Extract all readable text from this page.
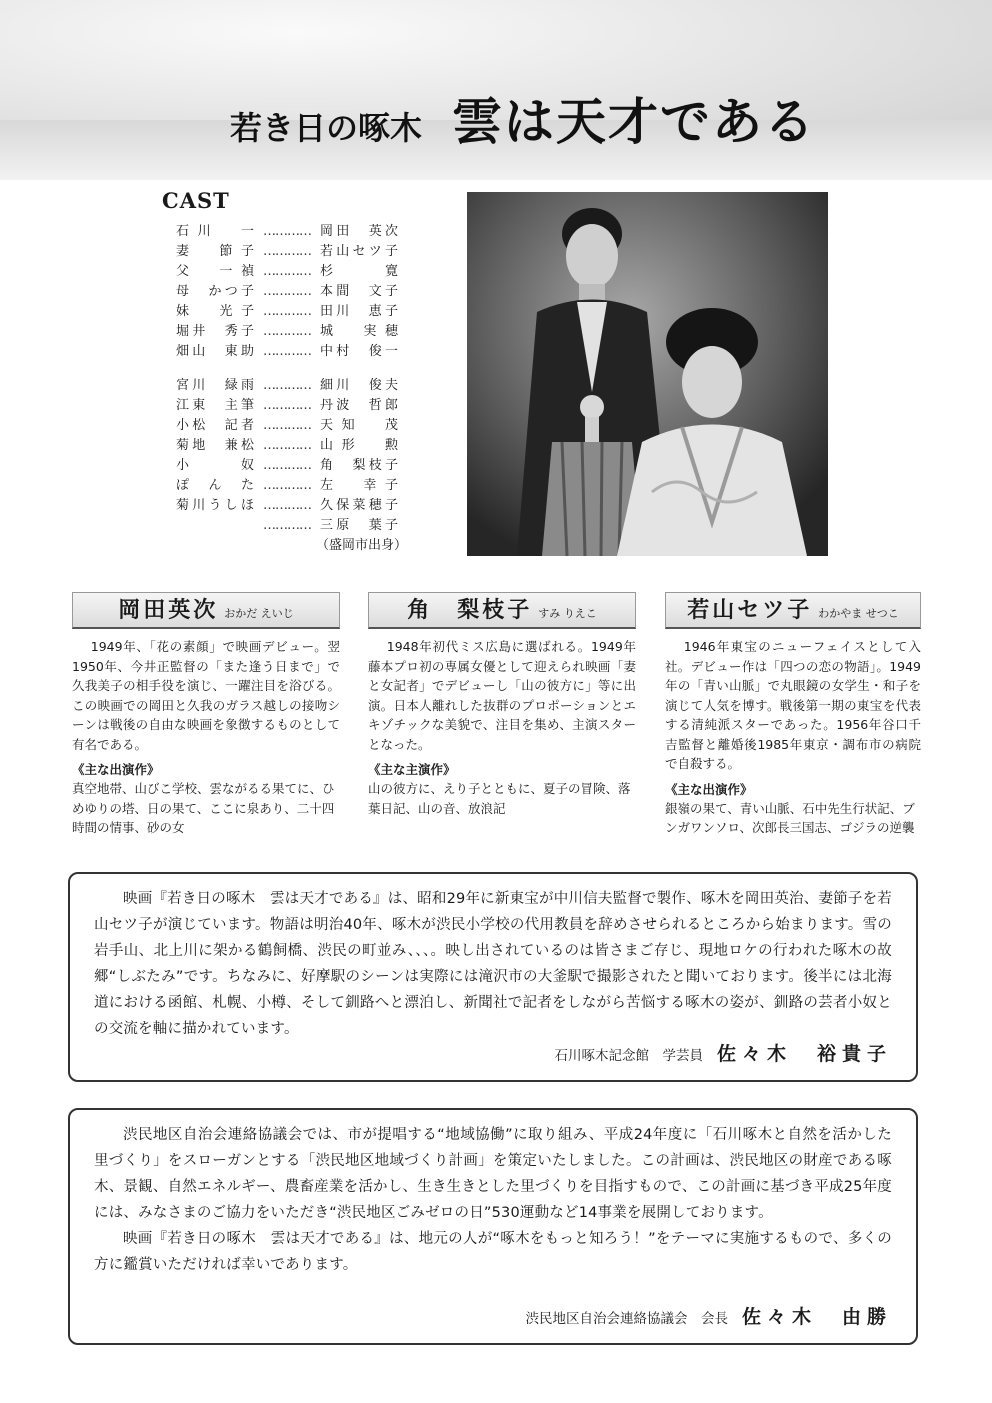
若き日の啄木 雲は天才である
CAST
石川　一 ………… 岡田　英次
妻　節子 ………… 若山セツ子
父　一禎 ………… 杉　寛
母　かつ子 ………… 本間　文子
妹　光子 ………… 田川　恵子
堀井　秀子 ………… 城　実穂
畑山　東助 ………… 中村　俊一
宮川　緑雨 ………… 細川　俊夫
江東　主筆 ………… 丹波　哲郎
小松　記者 ………… 天知　茂
菊地　兼松 ………… 山形　勲
小　奴 ………… 角　梨枝子
ぽんた ………… 左　幸子
菊川うしほ ………… 久保菜穂子
………… 三原　葉子
（盛岡市出身）
岡田英次 おかだ えいじ
1949年、「花の素顔」で映画デビュー。翌1950年、今井正監督の「また逢う日まで」で久我美子の相手役を演じ、一躍注目を浴びる。この映画での岡田と久我のガラス越しの接吻シーンは戦後の自由な映画を象徴するものとして有名である。
《主な出演作》
真空地帯、山びこ学校、雲ながるる果てに、ひめゆりの塔、日の果て、ここに泉あり、二十四時間の情事、砂の女
角　梨枝子 すみ りえこ
1948年初代ミス広島に選ばれる。1949年藤本プロ初の専属女優として迎えられ映画「妻と女記者」でデビューし「山の彼方に」等に出演。日本人離れした抜群のプロポーションとエキゾチックな美貌で、注目を集め、主演スターとなった。
《主な主演作》
山の彼方に、えり子とともに、夏子の冒険、落葉日記、山の音、放浪記
若山セツ子 わかやま せつこ
1946年東宝のニューフェイスとして入社。デビュー作は「四つの恋の物語」。1949年の「青い山脈」で丸眼鏡の女学生・和子を演じて人気を博す。戦後第一期の東宝を代表する清純派スターであった。1956年谷口千吉監督と離婚後1985年東京・調布市の病院で自殺する。
《主な出演作》
銀嶺の果て、青い山脈、石中先生行状記、ブンガワンソロ、次郎長三国志、ゴジラの逆襲

映画『若き日の啄木　雲は天才である』は、昭和29年に新東宝が中川信夫監督で製作、啄木を岡田英治、妻節子を若山セツ子が演じています。物語は明治40年、啄木が渋民小学校の代用教員を辞めさせられるところから始まります。雪の岩手山、北上川に架かる鶴飼橋、渋民の町並み、、、。映し出されているのは皆さまご存じ、現地ロケの行われた啄木の故郷“しぶたみ”です。ちなみに、好摩駅のシーンは実際には滝沢市の大釜駅で撮影されたと聞いております。後半には北海道における函館、札幌、小樽、そして釧路へと漂泊し、新聞社で記者をしながら苦悩する啄木の姿が、釧路の芸者小奴との交流を軸に描かれています。

石川啄木記念館　学芸員 佐々木　裕貴子

渋民地区自治会連絡協議会では、市が提唱する“地域協働”に取り組み、平成24年度に「石川啄木と自然を活かした里づくり」をスローガンとする「渋民地区地域づくり計画」を策定いたしました。この計画は、渋民地区の財産である啄木、景観、自然エネルギー、農畜産業を活かし、生き生きとした里づくりを目指すもので、この計画に基づき平成25年度には、みなさまのご協力をいただき“渋民地区ごみゼロの日”530運動など14事業を展開しております。

映画『若き日の啄木　雲は天才である』は、地元の人が“啄木をもっと知ろう！”をテーマに実施するもので、多くの方に鑑賞いただければ幸いであります。

渋民地区自治会連絡協議会　会長 佐々木　由勝
